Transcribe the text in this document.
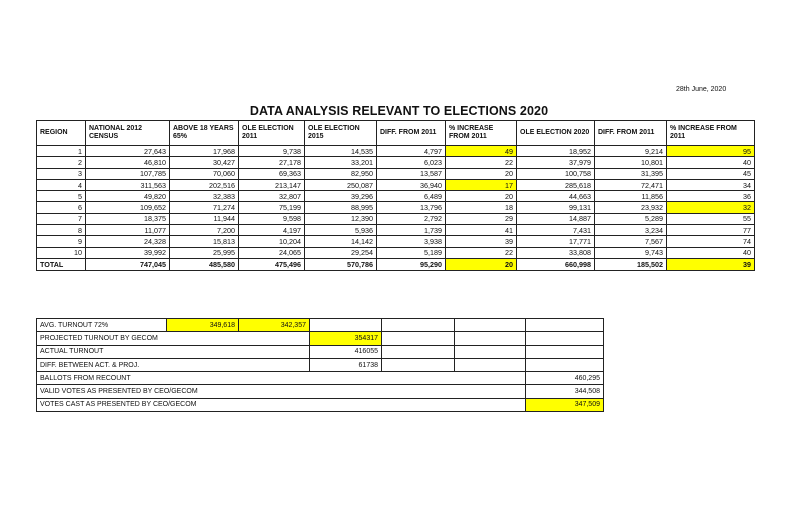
28th June, 2020
DATA ANALYSIS RELEVANT TO ELECTIONS 2020
REGION	NATIONAL 2012 CENSUS	ABOVE 18 YEARS 65%	OLE ELECTION 2011	OLE ELECTION 2015	DIFF. FROM 2011	% INCREASE FROM 2011	OLE ELECTION 2020	DIFF. FROM 2011	% INCREASE FROM 2011
1	27,643	17,968	9,738	14,535	4,797	49	18,952	9,214	95
2	46,810	30,427	27,178	33,201	6,023	22	37,979	10,801	40
3	107,785	70,060	69,363	82,950	13,587	20	100,758	31,395	45
4	311,563	202,516	213,147	250,087	36,940	17	285,618	72,471	34
5	49,820	32,383	32,807	39,296	6,489	20	44,663	11,856	36
6	109,652	71,274	75,199	88,995	13,796	18	99,131	23,932	32
7	18,375	11,944	9,598	12,390	2,792	29	14,887	5,289	55
8	11,077	7,200	4,197	5,936	1,739	41	7,431	3,234	77
9	24,328	15,813	10,204	14,142	3,938	39	17,771	7,567	74
10	39,992	25,995	24,065	29,254	5,189	22	33,808	9,743	40
TOTAL	747,045	485,580	475,496	570,786	95,290	20	660,998	185,502	39
AVG. TURNOUT 72%	349,618	342,357				
PROJECTED TURNOUT BY GECOM			354317			
ACTUAL TURNOUT			416055			
DIFF. BETWEEN ACT. & PROJ.			61738			
BALLOTS FROM RECOUNT						460,295
VALID VOTES AS PRESENTED BY CEO/GECOM						344,508
VOTES CAST AS PRESENTED BY CEO/GECOM						347,509
